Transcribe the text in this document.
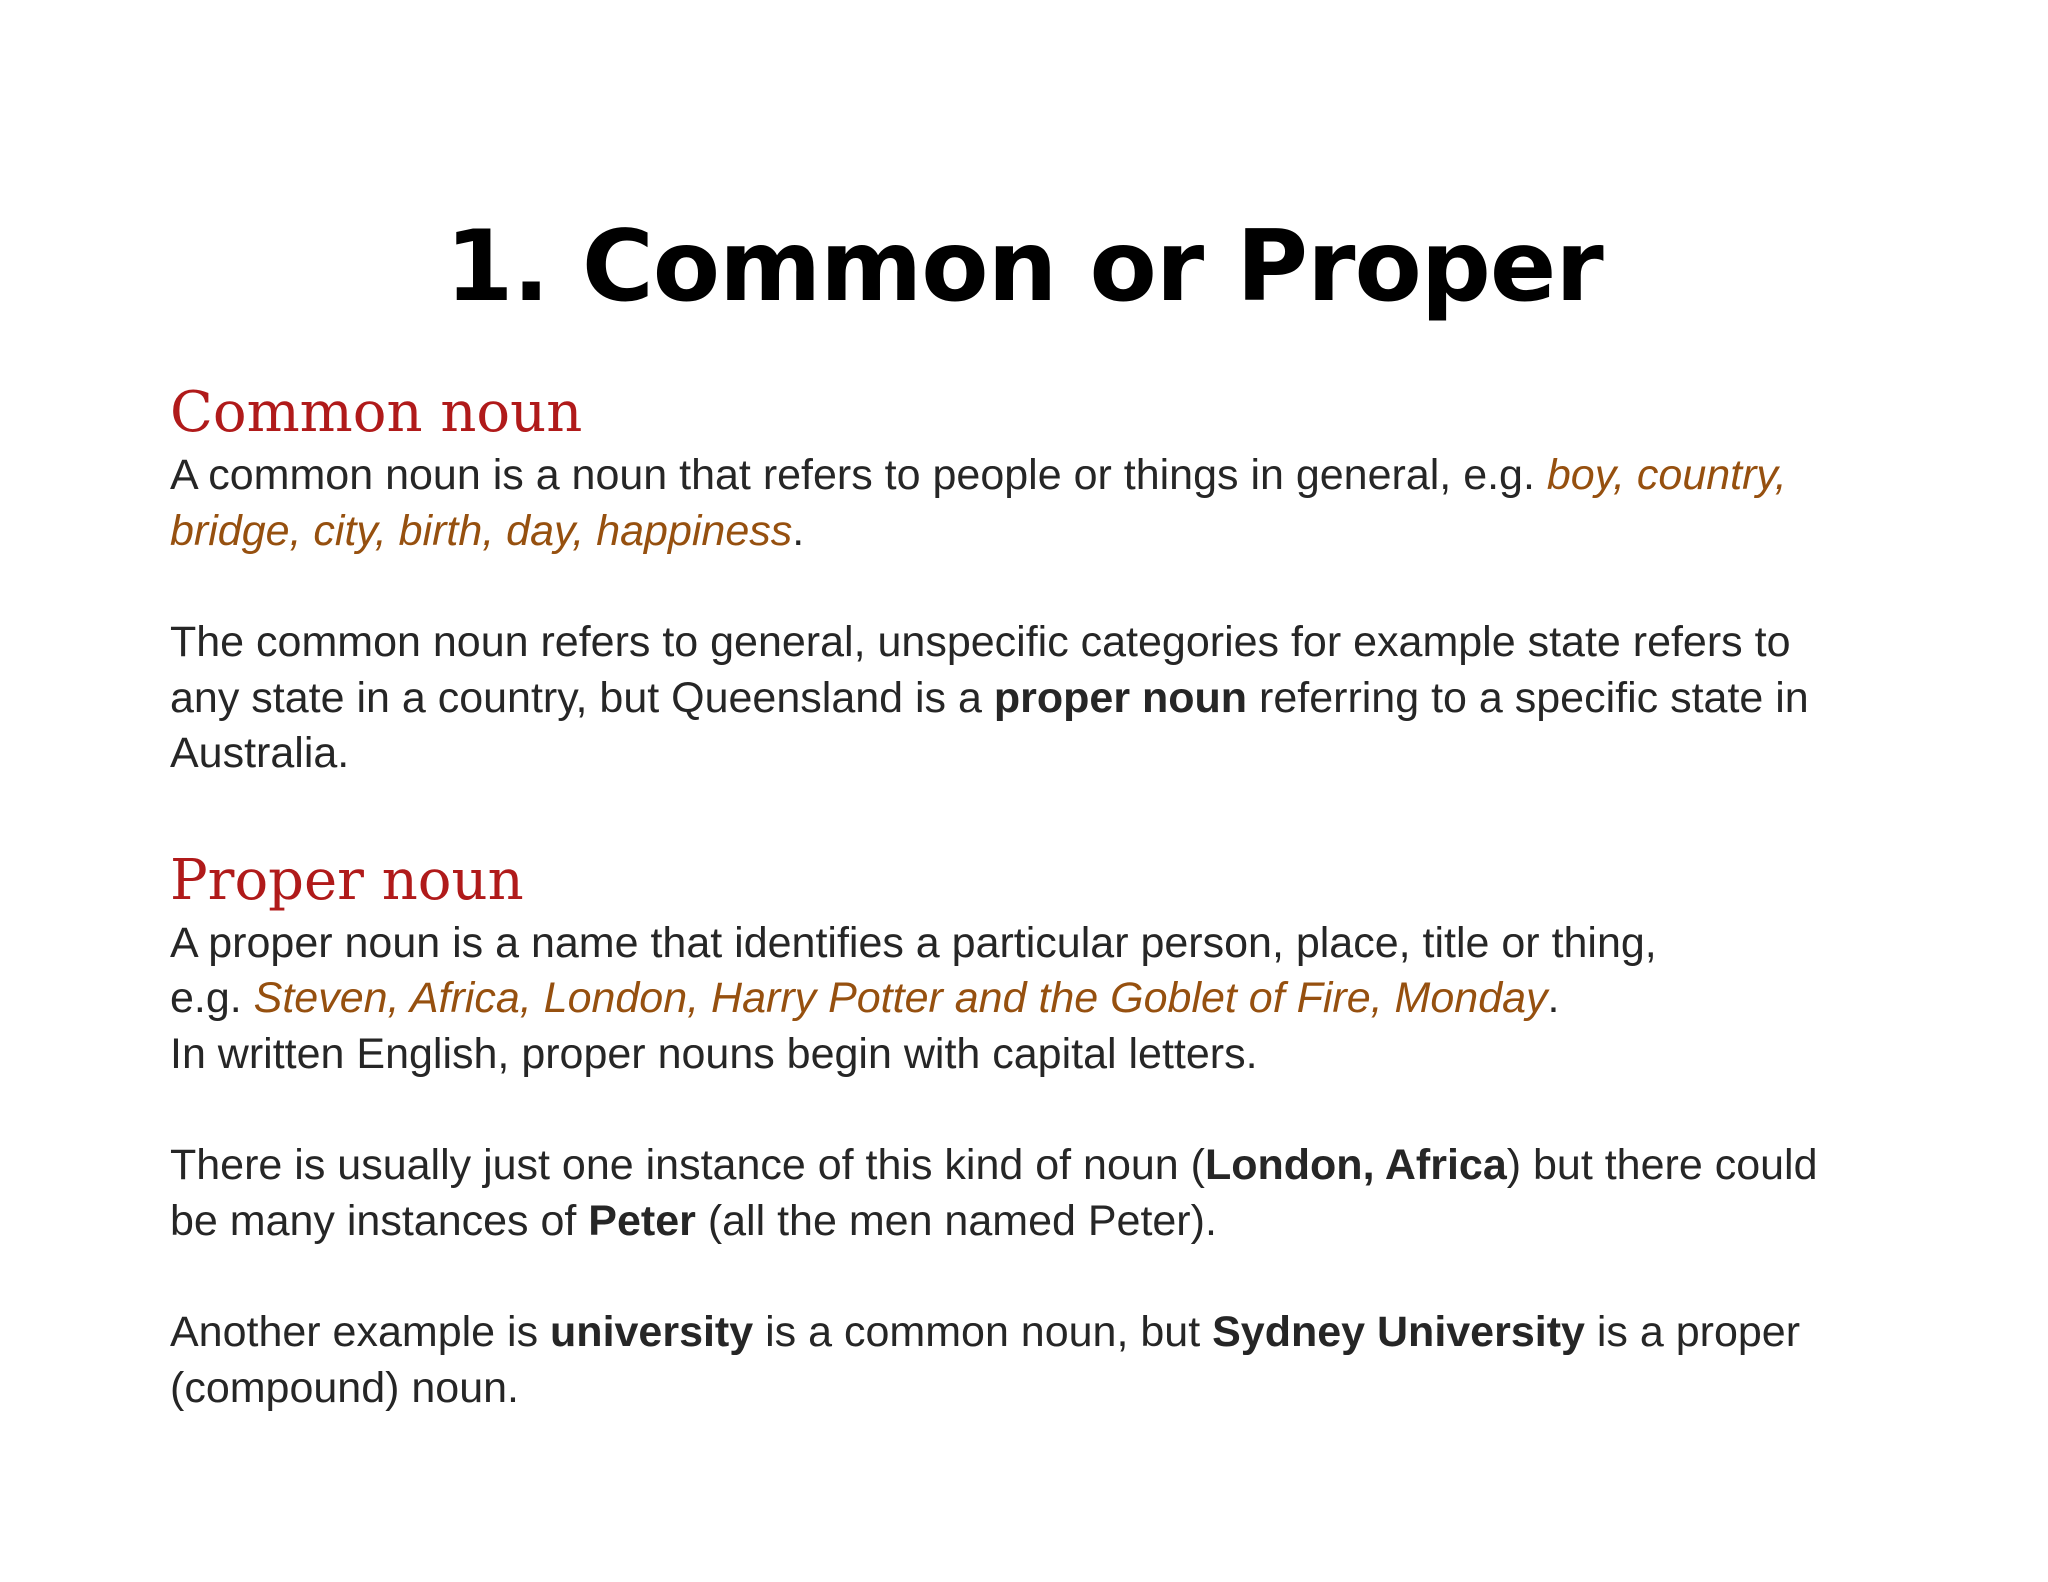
1. Common or Proper
Common noun

A common noun is a noun that refers to people or things in general, e.g. boy, country, bridge, city, birth, day, happiness.

The common noun refers to general, unspecific categories for example state refers to any state in a country, but Queensland is a proper noun referring to a specific state in Australia.

Proper noun

A proper noun is a name that identifies a particular person, place, title or thing,
e.g. Steven, Africa, London, Harry Potter and the Goblet of Fire, Monday.
In written English, proper nouns begin with capital letters.

There is usually just one instance of this kind of noun (London, Africa) but there could be many instances of Peter (all the men named Peter).

Another example is university is a common noun, but Sydney University is a proper (compound) noun.
